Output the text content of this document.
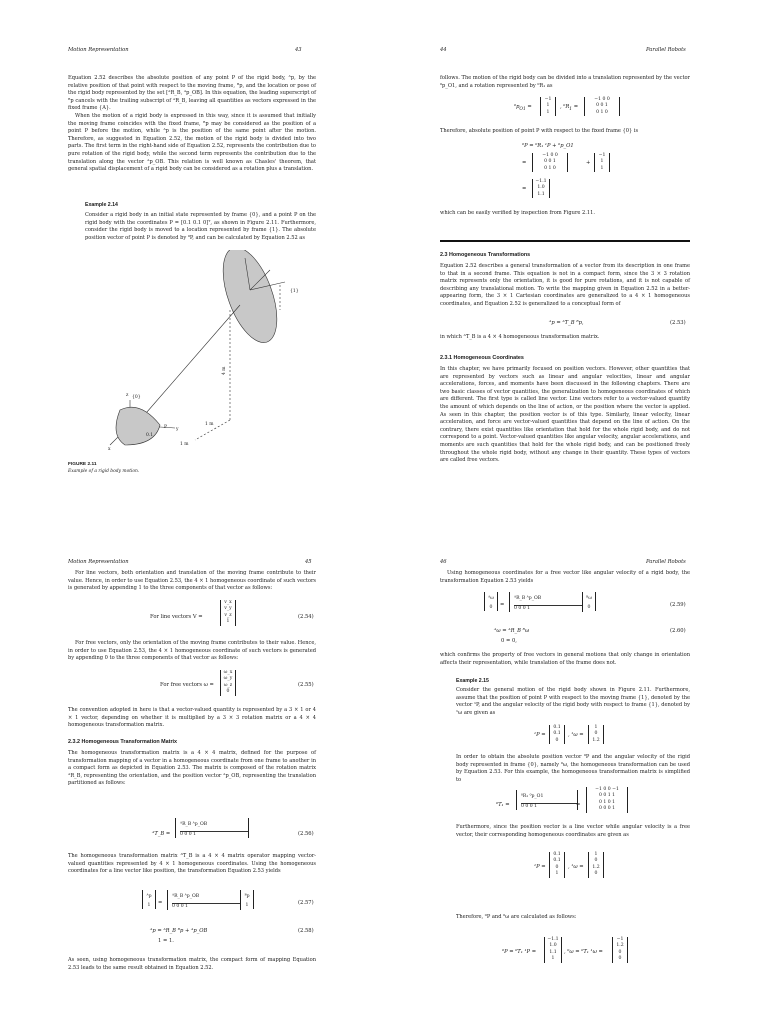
Motion Representation	43

Equation 2.52 describes the absolute position of any point P of the rigid body, ᴬp, by the relative position of that point with respect to the moving frame, ᴮp, and the location or pose of the rigid body represented by the set [ᴬR_B, ᴬp_OB]. In this equation, the leading superscript of ᴮp cancels with the trailing subscript of ᴬR_B, leaving all quantities as vectors expressed in the fixed frame {A}.

When the motion of a rigid body is expressed in this way, since it is assumed that initially the moving frame coincides with the fixed frame, ᴮp may be considered as the position of a point P before the motion, while ᴬp is the position of the same point after the motion. Therefore, as suggested in Equation 2.52, the motion of the rigid body is divided into two parts. The first term in the right-hand side of Equation 2.52, represents the contribution due to pure rotation of the rigid body, while the second term represents the contribution due to the translation along the vector ᴬp_OB. This relation is well known as Chasles' theorem, that general spatial displacement of a rigid body can be considered as a rotation plus a translation.

Example 2.14

Consider a rigid body in an initial state represented by frame {0}, and a point P on the rigid body with the coordinates P = [0.1 0.1 0]ᵀ, as shown in Figure 2.11. Furthermore, consider the rigid body is moved to a location represented by frame {1}. The absolute position vector of point P is denoted by ⁰P, and can be calculated by Equation 2.52 as

{1}
{0}
P
x
y
z
0.1
4 m
1 m
1 m
FIGURE 2.11
Example of a rigid body motion.
44	Parallel Robots

follows. The motion of the rigid body can be divided into a translation represented by the vector ⁰p_O1, and a rotation represented by ⁰R₁ as

$^0p_{O1}$ =
−1
1
1
, $^0R_1$ =
−1 0 0
0 0 1
0 1 0

Therefore, absolute position of point P with respect to the fixed frame {0} is

⁰P = ⁰R₁ ¹P + ⁰p_O1
=
−1 0 0
0 0 1
0 1 0
+
−1
1
1
=
−1.1
1.0
1.1

which can be easily verified by inspection from Figure 2.11.

2.3 Homogeneous Transformations

Equation 2.52 describes a general transformation of a vector from its description in one frame to that in a second frame. This equation is not in a compact form, since the 3 × 3 rotation matrix represents only the orientation, it is good for pure rotations, and it is not capable of describing any translational motion. To write the mapping given in Equation 2.52 in a better-appearing form, the 3 × 1 Cartesian coordinates are generalized to a 4 × 1 homogeneous coordinates, and Equation 2.52 is generalized to a conceptual form of

ᴬp = ᴬT_B ᴮp,	(2.53)

in which ᴬT_B is a 4 × 4 homogeneous transformation matrix.

2.3.1 Homogeneous Coordinates

In this chapter, we have primarily focused on position vectors. However, other quantities that are represented by vectors such as linear and angular velocities, linear and angular accelerations, forces, and moments have been discussed in the following chapters. There are two basic classes of vector quantities, the generalization to homogeneous coordinates of which are different. The first type is called line vector. Line vectors refer to a vector-valued quantity the amount of which depends on the line of action, or the position where the vector is applied. As seen in this chapter, the position vector is of this type. Similarly, linear velocity, linear acceleration, and force are vector-valued quantities that depend on the line of action. On the contrary, there exist quantities like orientation that hold for the whole rigid body, and do not correspond to a point. Vector-valued quantities like angular velocity, angular accelerations, and moments are such quantities that hold for the whole rigid body, and can be positioned freely throughout the whole rigid body, without any change in their quantity. These types of vectors are called free vectors.

Motion Representation	45

For line vectors, both orientation and translation of the moving frame contribute to their value. Hence, in order to use Equation 2.53, the 4 × 1 homogeneous coordinate of such vectors is generated by appending 1 to the three components of that vector as follows:

For line vectors V =
v_x
v_y
v_z
1
(2.54)

For free vectors, only the orientation of the moving frame contributes to their value. Hence, in order to use Equation 2.53, the 4 × 1 homogeneous coordinate of such vectors is generated by appending 0 to the three components of that vector as follows:

For free vectors ω =
ω_x
ω_y
ω_z
0
(2.55)

The convention adopted in here is that a vector-valued quantity is represented by a 3 × 1 or 4 × 1 vector, depending on whether it is multiplied by a 3 × 3 rotation matrix or a 4 × 4 homogeneous transformation matrix.

2.3.2 Homogeneous Transformation Matrix

The homogeneous transformation matrix is a 4 × 4 matrix, defined for the purpose of transformation mapping of a vector in a homogeneous coordinate from one frame to another in a compact form as depicted in Equation 2.53. The matrix is composed of the rotation matrix ᴬR_B, representing the orientation, and the position vector ᴬp_OB, representing the translation partitioned as follows:

ᴬT_B =
ᴬR_B ᴬp_OB
0 0 0 1	(2.56)

The homogeneous transformation matrix ᴬT_B is a 4 × 4 matrix operator mapping vector-valued quantities represented by 4 × 1 homogeneous coordinates. Using the homogeneous coordinates for a line vector like position, the transformation Equation 2.53 yields

ᴬp
1	=
ᴬR_B ᴬp_OB
0 0 0 1
ᴮp
1	(2.57)
ᴬp = ᴬR_B ᴮp + ᴬp_OB	(2.58)
1 = 1.

As seen, using homogeneous transformation matrix, the compact form of mapping Equation 2.53 leads to the same result obtained in Equation 2.52.

46	Parallel Robots

Using homogeneous coordinates for a free vector like angular velocity of a rigid body, the transformation Equation 2.53 yields

ᴬω
0	=
ᴬR_B ᴬp_OB
0 0 0 1
ᴮω
0	(2.59)
ᴬω = ᴬR_B ᴮω	(2.60)
0 = 0,

which confirms the property of free vectors in general motions that only change in orientation affects their representation, while translation of the frame does not.

Example 2.15

Consider the general motion of the rigid body shown in Figure 2.11. Furthermore, assume that the position of point P with respect to the moving frame {1}, denoted by the vector ¹P, and the angular velocity of the rigid body with respect to frame {1}, denoted by ¹ω are given as

¹P =
0.1
0.1
0
, ¹ω =
1
0
1.2

In order to obtain the absolute position vector ⁰P and the angular velocity of the rigid body represented in frame {0}, namely ⁰ω, the homogeneous transformation can be used by Equation 2.53. For this example, the homogeneous transformation matrix is simplified to

⁰T₁ =
⁰R₁ ⁰p_O1
0 0 0 1	=
−1 0 0 −1
0 0 1 1
0 1 0 1
0 0 0 1

Furthermore, since the position vector is a line vector while angular velocity is a free vector, their corresponding homogeneous coordinates are given as

¹P =
0.1
0.1
0
1
, ¹ω =
1
0
1.2
0

Therefore, ⁰P and ⁰ω are calculated as follows:

⁰P = ⁰T₁ ¹P =
−1.1
1.0
1.1
1
, ⁰ω = ⁰T₁ ¹ω =
−1
1.2
0
0
